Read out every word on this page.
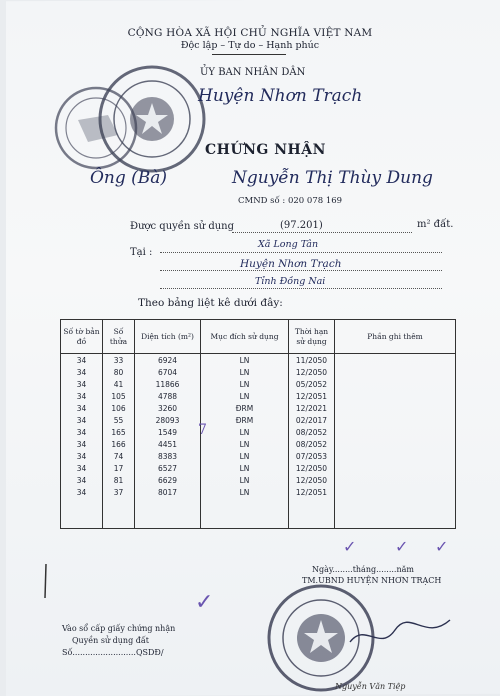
CỘNG HÒA XÃ HỘI CHỦ NGHĨA VIỆT NAM
Độc lập – Tự do – Hạnh phúc
ỦY BAN NHÂN DÂN
Huyện Nhơn Trạch
CHỨNG NHẬN
Ông (Bà)	Nguyễn Thị Thùy Dung
CMND số : 020 078 169
Được quyền sử dụng	(97.201)	m² đất.
Tại :
Xã Long Tân
Huyện Nhơn Trạch
Tỉnh Đồng Nai
Theo bảng liệt kê dưới đây:
Số tờ bản đồ	Số thửa	Diện tích (m²)	Mục đích sử dụng	Thời hạn sử dụng	Phần ghi thêm
34	33	6924	LN	11/2050	
34	80	6704	LN	12/2050	
34	41	11866	LN	05/2052	
34	105	4788	LN	12/2051	
34	106	3260	ĐRM	12/2021	
34	55	28093	ĐRM	02/2017	
34	165	1549	LN	08/2052	
34	166	4451	LN	08/2052	
34	74	8383	LN	07/2053	
34	17	6527	LN	12/2050	
34	81	6629	LN	12/2050	
34	37	8017	LN	12/2051	

7
✓ ✓ ✓
✓
Ngày........tháng........năm
TM.UBND HUYỆN NHƠN TRẠCH
Vào sổ cấp giấy chứng nhận
Quyền sử dụng đất
Số.........................QSDĐ/
Nguyễn Văn Tiệp
